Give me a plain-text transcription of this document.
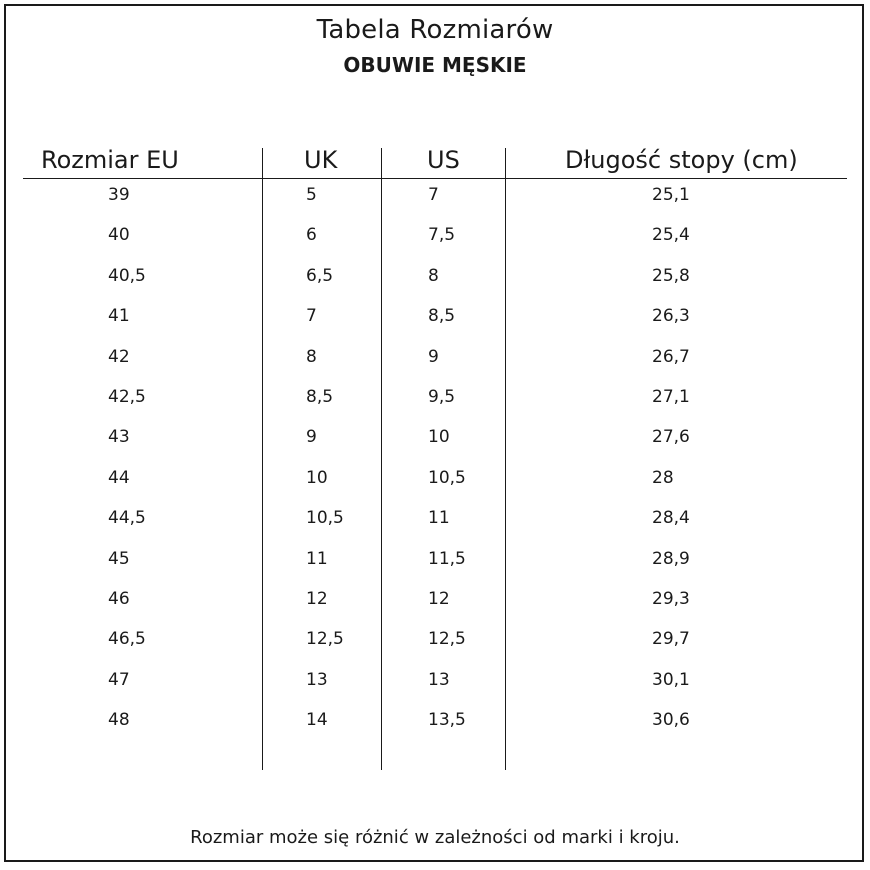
Tabela Rozmiarów
OBUWIE MĘSKIE
Rozmiar EU	UK	US	Długość stopy (cm)
39	5	7	25,1
40	6	7,5	25,4
40,5	6,5	8	25,8
41	7	8,5	26,3
42	8	9	26,7
42,5	8,5	9,5	27,1
43	9	10	27,6
44	10	10,5	28
44,5	10,5	11	28,4
45	11	11,5	28,9
46	12	12	29,3
46,5	12,5	12,5	29,7
47	13	13	30,1
48	14	13,5	30,6
Rozmiar może się różnić w zależności od marki i kroju.
